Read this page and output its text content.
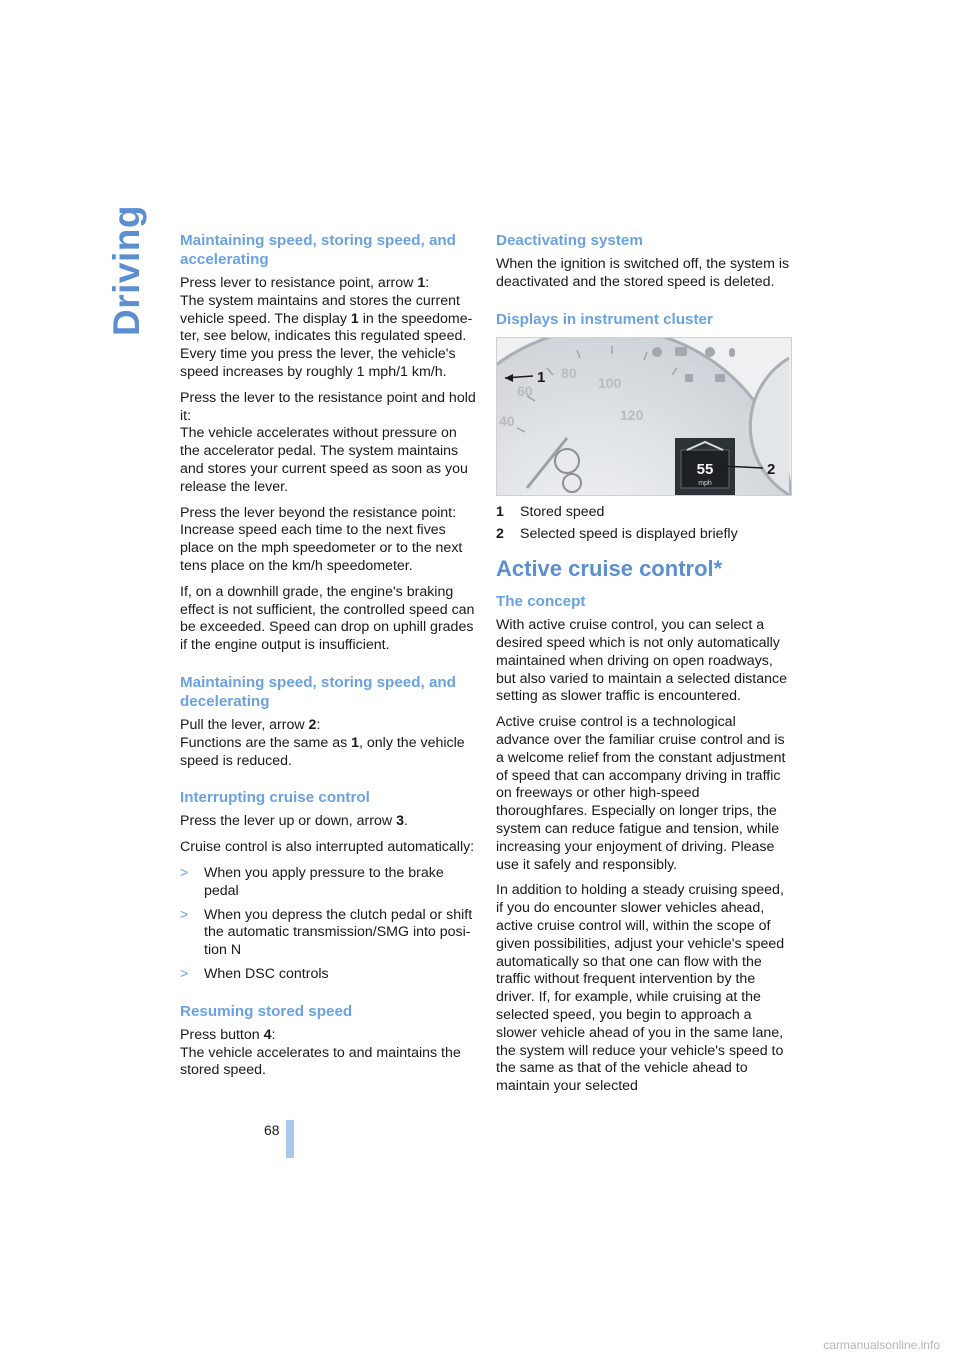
Driving Maintaining speed, storing speed, and accelerating

Press lever to resistance point, arrow 1:
The system maintains and stores the current vehicle speed. The display 1 in the speedometer, see below, indicates this regulated speed. Every time you press the lever, the vehicle's speed increases by roughly 1 mph/1 km/h.

Press the lever to the resistance point and hold it:
The vehicle accelerates without pressure on the accelerator pedal. The system maintains and stores your current speed as soon as you release the lever.

Press the lever beyond the resistance point:
Increase speed each time to the next fives place on the mph speedometer or to the next tens place on the km/h speedometer.

If, on a downhill grade, the engine's braking effect is not sufficient, the controlled speed can be exceeded. Speed can drop on uphill grades if the engine output is insufficient.

Maintaining speed, storing speed, and decelerating

Pull the lever, arrow 2:
Functions are the same as 1, only the vehicle speed is reduced.

Interrupting cruise control

Press the lever up or down, arrow 3.

Cruise control is also interrupted automatically:

> When you apply pressure to the brake pedal
> When you depress the clutch pedal or shift the automatic transmission/SMG into position N
> When DSC controls
Resuming stored speed

Press button 4:
The vehicle accelerates to and maintains the stored speed.

Deactivating system

When the ignition is switched off, the system is deactivated and the stored speed is deleted.

Displays in instrument cluster
40
60
80
100
120
55
mph
1
2
1 Stored speed
2 Selected speed is displayed briefly
Active cruise control*
The concept

With active cruise control, you can select a desired speed which is not only automatically maintained when driving on open roadways, but also varied to maintain a selected distance setting as slower traffic is encountered.

Active cruise control is a technological advance over the familiar cruise control and is a welcome relief from the constant adjustment of speed that can accompany driving in traffic on freeways or other high-speed thoroughfares. Especially on longer trips, the system can reduce fatigue and tension, while increasing your enjoyment of driving. Please use it safely and responsibly.

In addition to holding a steady cruising speed, if you do encounter slower vehicles ahead, active cruise control will, within the scope of given possibilities, adjust your vehicle's speed automatically so that one can flow with the traffic without frequent intervention by the driver. If, for example, while cruising at the selected speed, you begin to approach a slower vehicle ahead of you in the same lane, the system will reduce your vehicle's speed to the same as that of the vehicle ahead to maintain your selected

68
carmanualsonline.info
